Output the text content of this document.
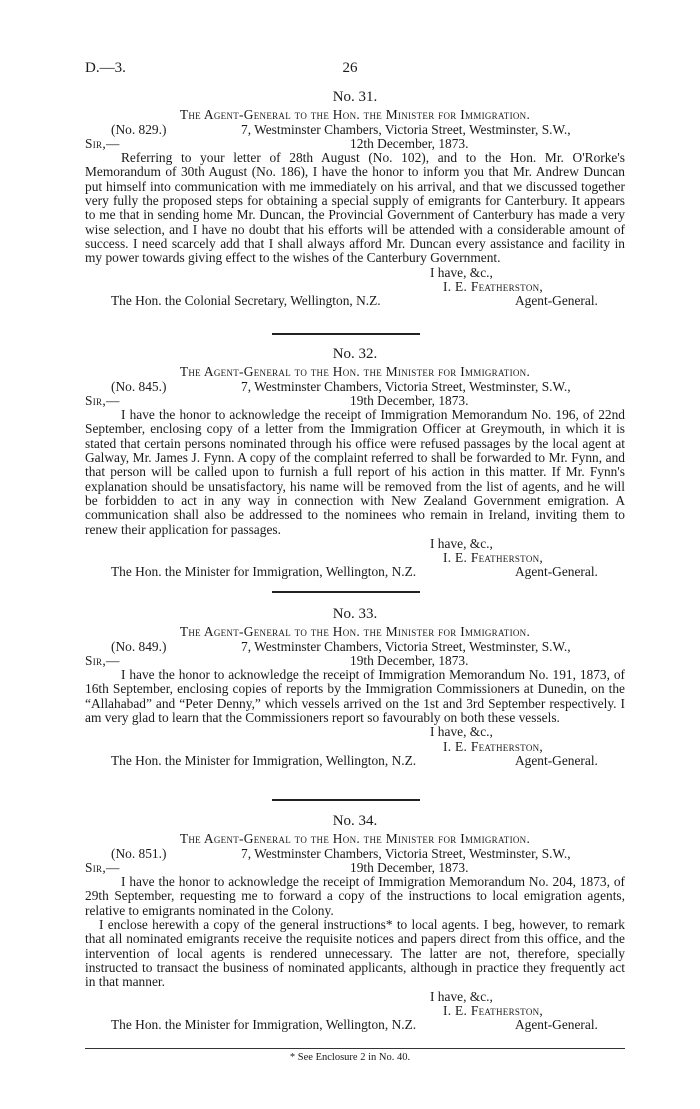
D.—3.	26
No. 31.
The Agent-General to the Hon. the Minister for Immigration.
(No. 829.)	7, Westminster Chambers, Victoria Street, Westminster, S.W.,
Sir,—	12th December, 1873.

Referring to your letter of 28th August (No. 102), and to the Hon. Mr. O'Rorke's Memorandum of 30th August (No. 186), I have the honor to inform you that Mr. Andrew Duncan put himself into communication with me immediately on his arrival, and that we discussed together very fully the proposed steps for obtaining a special supply of emigrants for Canterbury. It appears to me that in sending home Mr. Duncan, the Provincial Government of Canterbury has made a very wise selection, and I have no doubt that his efforts will be attended with a considerable amount of success. I need scarcely add that I shall always afford Mr. Duncan every assistance and facility in my power towards giving effect to the wishes of the Canterbury Government.

I have, &c.,
I. E. Featherston,
The Hon. the Colonial Secretary, Wellington, N.Z.	Agent-General.
No. 32.
The Agent-General to the Hon. the Minister for Immigration.
(No. 845.)	7, Westminster Chambers, Victoria Street, Westminster, S.W.,
Sir,—	19th December, 1873.

I have the honor to acknowledge the receipt of Immigration Memorandum No. 196, of 22nd September, enclosing copy of a letter from the Immigration Officer at Greymouth, in which it is stated that certain persons nominated through his office were refused passages by the local agent at Galway, Mr. James J. Fynn. A copy of the complaint referred to shall be forwarded to Mr. Fynn, and that person will be called upon to furnish a full report of his action in this matter. If Mr. Fynn's explanation should be unsatisfactory, his name will be removed from the list of agents, and he will be forbidden to act in any way in connection with New Zealand Government emigration. A communication shall also be addressed to the nominees who remain in Ireland, inviting them to renew their application for passages.

I have, &c.,
I. E. Featherston,
The Hon. the Minister for Immigration, Wellington, N.Z.	Agent-General.
No. 33.
The Agent-General to the Hon. the Minister for Immigration.
(No. 849.)	7, Westminster Chambers, Victoria Street, Westminster, S.W.,
Sir,—	19th December, 1873.

I have the honor to acknowledge the receipt of Immigration Memorandum No. 191, 1873, of 16th September, enclosing copies of reports by the Immigration Commissioners at Dunedin, on the “Allahabad” and “Peter Denny,” which vessels arrived on the 1st and 3rd September respectively. I am very glad to learn that the Commissioners report so favourably on both these vessels.

I have, &c.,
I. E. Featherston,
The Hon. the Minister for Immigration, Wellington, N.Z.	Agent-General.
No. 34.
The Agent-General to the Hon. the Minister for Immigration.
(No. 851.)	7, Westminster Chambers, Victoria Street, Westminster, S.W.,
Sir,—	19th December, 1873.

I have the honor to acknowledge the receipt of Immigration Memorandum No. 204, 1873, of 29th September, requesting me to forward a copy of the instructions to local emigration agents, relative to emigrants nominated in the Colony.

I enclose herewith a copy of the general instructions* to local agents. I beg, however, to remark that all nominated emigrants receive the requisite notices and papers direct from this office, and the intervention of local agents is rendered unnecessary. The latter are not, therefore, specially instructed to transact the business of nominated applicants, although in practice they frequently act in that manner.

I have, &c.,
I. E. Featherston,
The Hon. the Minister for Immigration, Wellington, N.Z.	Agent-General.
* See Enclosure 2 in No. 40.
